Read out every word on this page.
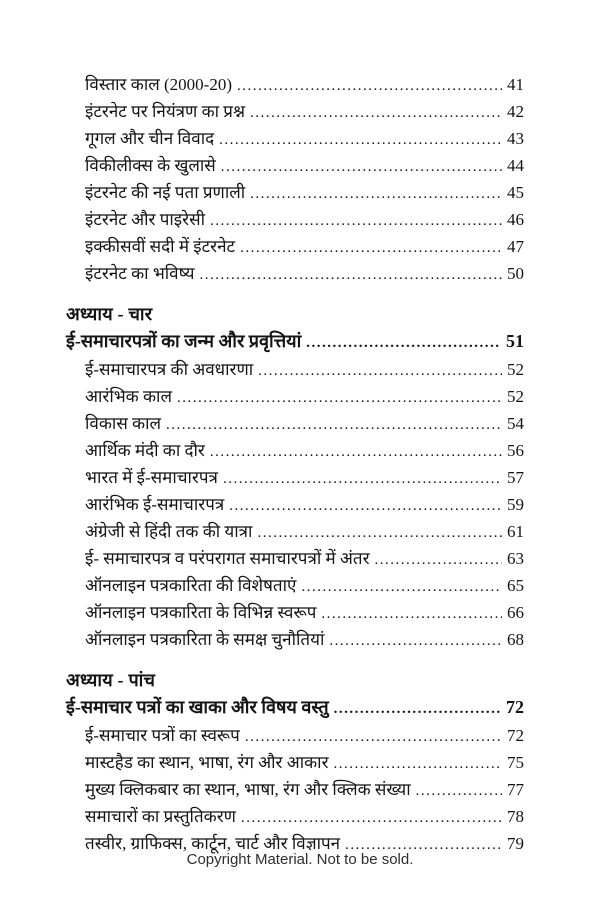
विस्तार काल (2000-20) .....	41
इंटरनेट पर नियंत्रण का प्रश्न .....	42
गूगल और चीन विवाद .....	43
विकीलीक्स के खुलासे .....	44
इंटरनेट की नई पता प्रणाली .....	45
इंटरनेट और पाइरेसी .....	46
इक्कीसवीं सदी में इंटरनेट .....	47
इंटरनेट का भविष्य .....	50
अध्याय - चार
ई-समाचारपत्रों का जन्म और प्रवृत्तियां .....	51
ई-समाचारपत्र की अवधारणा .....	52
आरंभिक काल .....	52
विकास काल .....	54
आर्थिक मंदी का दौर .....	56
भारत में ई-समाचारपत्र .....	57
आरंभिक ई-समाचारपत्र .....	59
अंग्रेजी से हिंदी तक की यात्रा .....	61
ई- समाचारपत्र व परंपरागत समाचारपत्रों में अंतर .....	63
ऑनलाइन पत्रकारिता की विशेषताएं .....	65
ऑनलाइन पत्रकारिता के विभिन्न स्वरूप .....	66
ऑनलाइन पत्रकारिता के समक्ष चुनौतियां .....	68
अध्याय - पांच
ई-समाचार पत्रों का खाका और विषय वस्तु .....	72
ई-समाचार पत्रों का स्वरूप .....	72
मास्टहैड का स्थान, भाषा, रंग और आकार .....	75
मुख्य क्लिकबार का स्थान, भाषा, रंग और क्लिक संख्या .....	77
समाचारों का प्रस्तुतिकरण .....	78
तस्वीर, ग्राफिक्स, कार्टून, चार्ट और विज्ञापन .....	79
Copyright Material. Not to be sold.
